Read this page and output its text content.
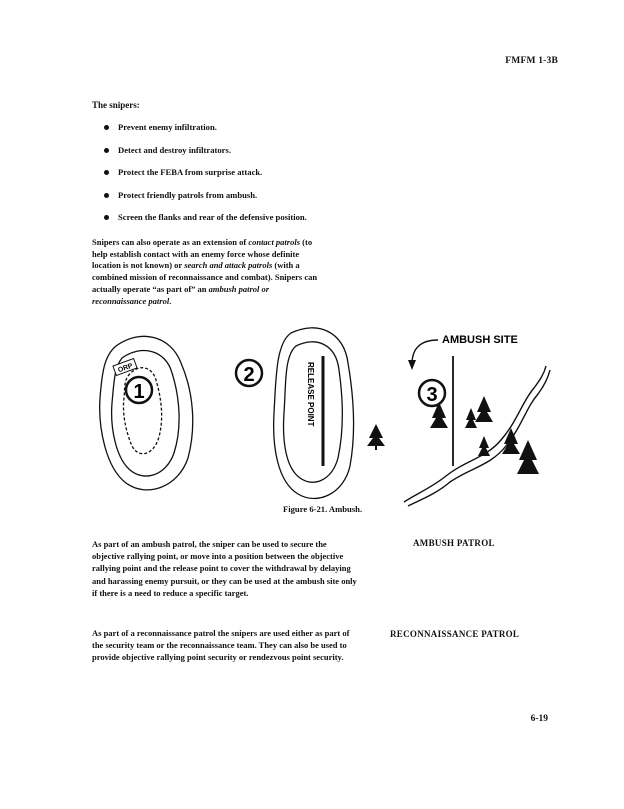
FMFM 1-3B
The snipers:
Prevent enemy infiltration.
Detect and destroy infiltrators.
Protect the FEBA from surprise attack.
Protect friendly patrols from ambush.
Screen the flanks and rear of the defensive position.
Snipers can also operate as an extension of contact patrols (to help establish contact with an enemy force whose definite location is not known) or search and attack patrols (with a combined mission of reconnaissance and combat). Snipers can actually operate “as part of” an ambush patrol or reconnaissance patrol.
ORP
1
2	RELEASE POINT
AMBUSH SITE
3
Figure 6-21. Ambush.
As part of an ambush patrol, the sniper can be used to secure the objective rallying point, or move into a position between the objective rallying point and the release point to cover the withdrawal by delaying and harassing enemy pursuit, or they can be used at the ambush site only if there is a need to reduce a specific target.
AMBUSH PATROL
As part of a reconnaissance patrol the snipers are used either as part of the security team or the reconnaissance team. They can also be used to provide objective rallying point security or rendezvous point security.
RECONNAISSANCE PATROL
6-19
